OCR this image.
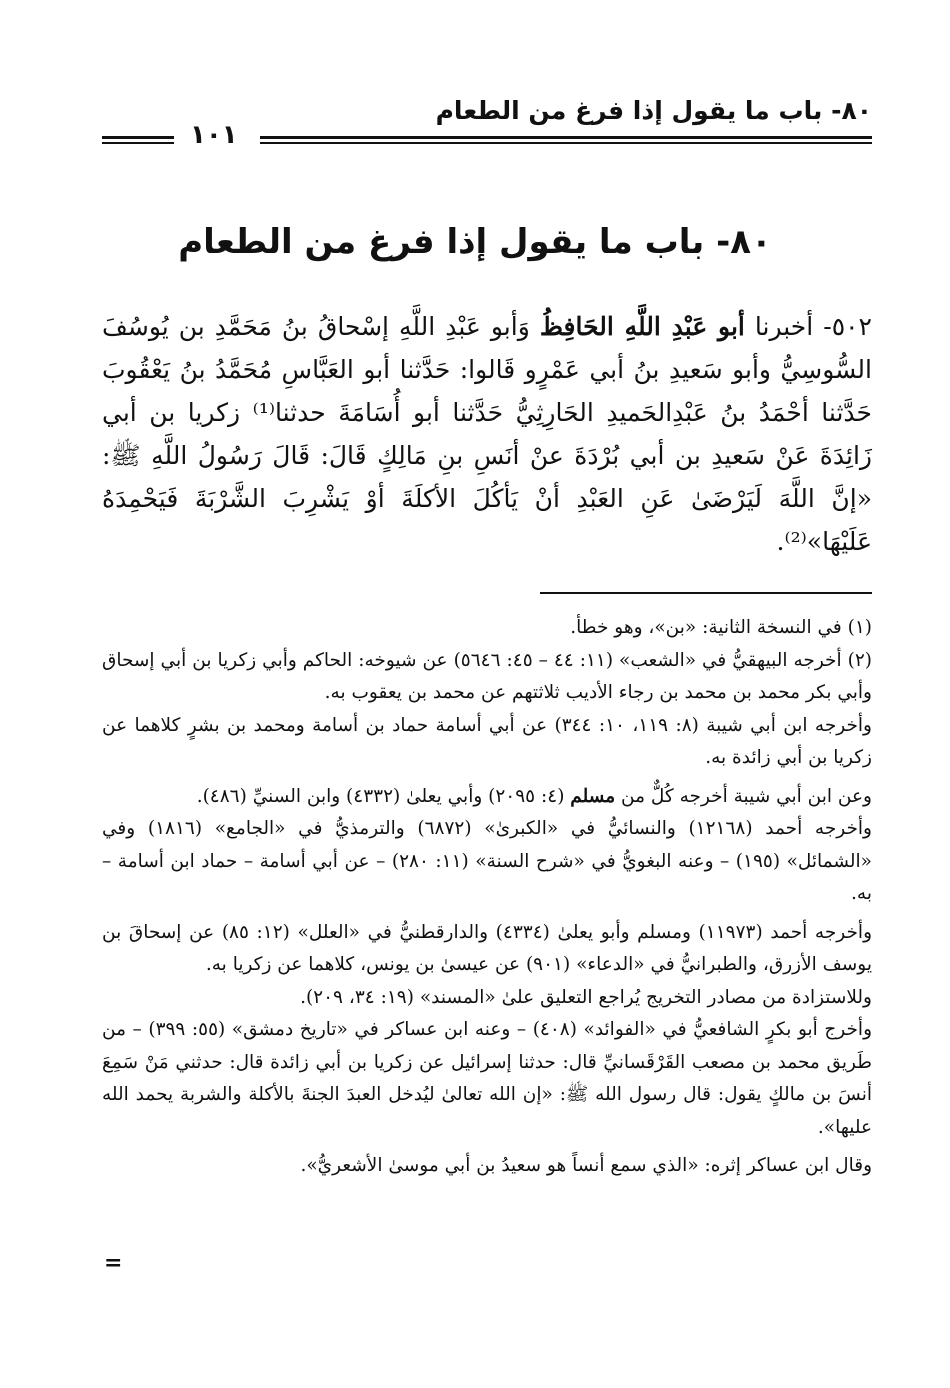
٨٠- باب ما يقول إذا فرغ من الطعام
١٠١
٨٠- باب ما يقول إذا فرغ من الطعام
٥٠٢- أخبرنا أبو عَبْدِ اللَّهِ الحَافِظُ وَأبو عَبْدِ اللَّهِ إسْحاقُ بنُ مَحَمَّدِ بن يُوسُفَ السُّوسِيُّ وأبو سَعيدِ بنُ أبي عَمْرٍو قَالوا: حَدَّثنا أبو العَبَّاسِ مُحَمَّدُ بنُ يَعْقُوبَ حَدَّثنا أحْمَدُ بنُ عَبْدِالحَميدِ الحَارِثِيُّ حَدَّثنا أبو أُسَامَةَ حدثنا⁽¹⁾ زكريا بن أبي زَائِدَةَ عَنْ سَعيدِ بن أبي بُرْدَةَ عنْ أنَسِ بنِ مَالِكٍ قَالَ: قَالَ رَسُولُ اللَّهِ ﷺ: «إنَّ اللَّهَ لَيَرْضَىٰ عَنِ العَبْدِ أنْ يَأكُلَ الأكلَةَ أوْ يَشْرِبَ الشَّرْبَةَ فَيَحْمِدَهُ عَلَيْهَا»⁽²⁾.

(١) في النسخة الثانية: «بن»، وهو خطأ.

(٢) أخرجه البيهقيُّ في «الشعب» (١١: ٤٤ – ٤٥: ٥٦٤٦) عن شيوخه: الحاكم وأبي زكريا بن أبي إسحاق وأبي بكر محمد بن محمد بن رجاء الأديب ثلاثتهم عن محمد بن يعقوب به.

وأخرجه ابن أبي شيبة (٨: ١١٩، ١٠: ٣٤٤) عن أبي أسامة حماد بن أسامة ومحمد بن بشرٍ كلاهما عن زكريا بن أبي زائدة به.

وعن ابن أبي شيبة أخرجه كُلٌّ من مسلم (٤: ٢٠٩٥) وأبي يعلىٰ (٤٣٣٢) وابن السنيِّ (٤٨٦).

وأخرجه أحمد (١٢١٦٨) والنسائيُّ في «الكبرىٰ» (٦٨٧٢) والترمذيُّ في «الجامع» (١٨١٦) وفي «الشمائل» (١٩٥) – وعنه البغويُّ في «شرح السنة» (١١: ٢٨٠) – عن أبي أسامة – حماد ابن أسامة – به.

وأخرجه أحمد (١١٩٧٣) ومسلم وأبو يعلىٰ (٤٣٣٤) والدارقطنيُّ في «العلل» (١٢: ٨٥) عن إسحاقَ بن يوسف الأزرق، والطبرانيُّ في «الدعاء» (٩٠١) عن عيسىٰ بن يونس، كلاهما عن زكريا به.

وللاستزادة من مصادر التخريج يُراجع التعليق علىٰ «المسند» (١٩: ٣٤، ٢٠٩).

وأخرج أبو بكرٍ الشافعيُّ في «الفوائد» (٤٠٨) – وعنه ابن عساكر في «تاريخ دمشق» (٥٥: ٣٩٩) – من طَريق محمد بن مصعب القَرْقَسانيِّ قال: حدثنا إسرائيل عن زكريا بن أبي زائدة قال: حدثني مَنْ سَمِعَ أنسَ بن مالكٍ يقول: قال رسول الله ﷺ: «إن الله تعالىٰ ليُدخل العبدَ الجنةَ بالأكلة والشربة يحمد الله عليها».

وقال ابن عساكر إثره: «الذي سمع أنساً هو سعيدُ بن أبي موسىٰ الأشعريُّ».

=
